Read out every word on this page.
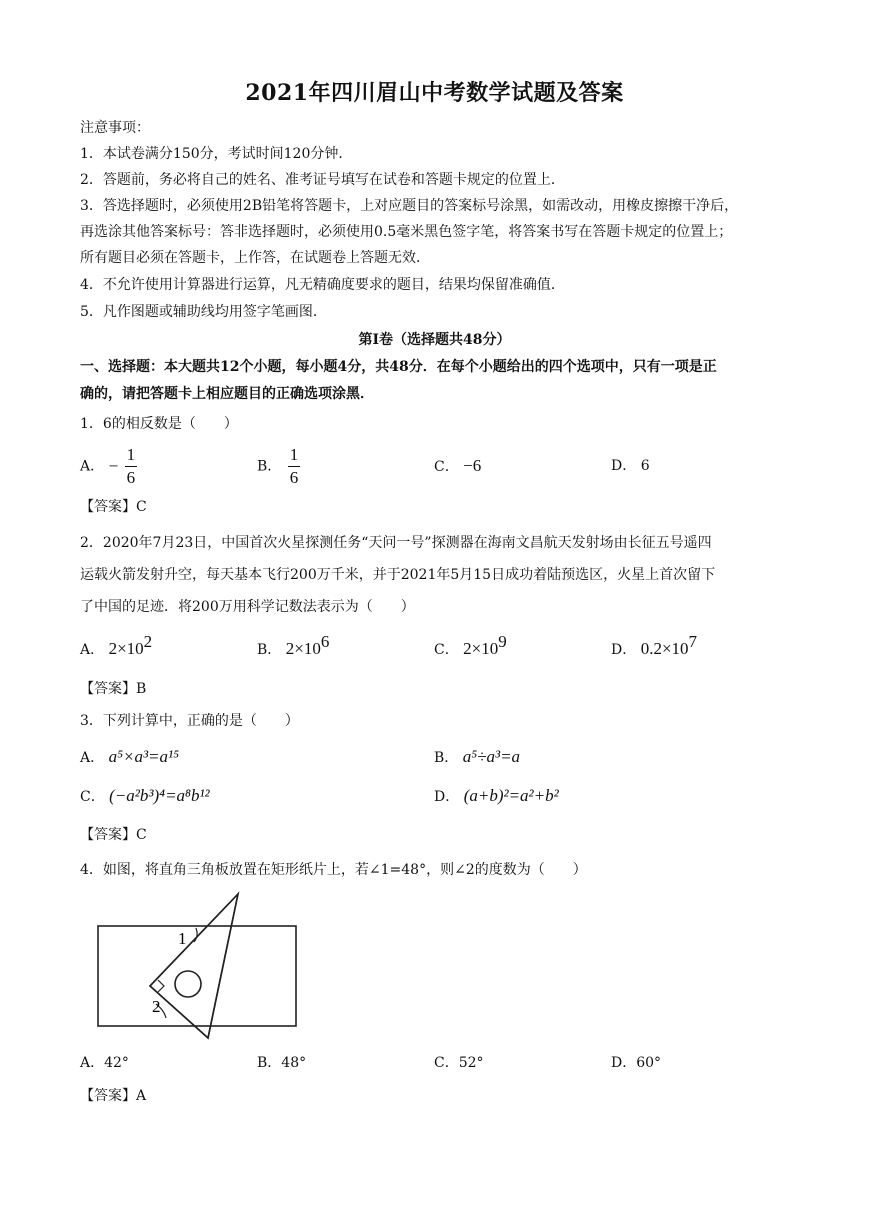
2021年四川眉山中考数学试题及答案
注意事项：
1．本试卷满分150分，考试时间120分钟．
2．答题前，务必将自己的姓名、准考证号填写在试卷和答题卡规定的位置上．
3．答选择题时，必须使用2B铅笔将答题卡，上对应题目的答案标号涂黑，如需改动，用橡皮擦擦干净后，
再选涂其他答案标号：答非选择题时，必须使用0.5毫米黑色签字笔，将答案书写在答题卡规定的位置上；
所有题目必须在答题卡，上作答，在试题卷上答题无效．
4．不允许使用计算器进行运算，凡无精确度要求的题目，结果均保留准确值．
5．凡作图题或辅助线均用签字笔画图．
第Ⅰ卷（选择题共48分）
一、选择题：本大题共12个小题，每小题4分，共48分．在每个小题给出的四个选项中，只有一项是正
确的，请把答题卡上相应题目的正确选项涂黑．
1．6的相反数是（　　）
A． − $\frac{1}{6}$	B． $\frac{1}{6}$	C． −6	D． 6
【答案】C
2．2020年7月23日，中国首次火星探测任务“天问一号”探测器在海南文昌航天发射场由长征五号遥四
运载火箭发射升空，每天基本飞行200万千米，并于2021年5月15日成功着陆预选区，火星上首次留下
了中国的足迹．将200万用科学记数法表示为（　　）
A． $2\times 10^2$	B． $2\times 10^6$	C． $2\times 10^9$	D． $0.2\times 10^7$
【答案】B
3．下列计算中，正确的是（　　）
A． a⁵×a³=a¹⁵	B． a⁵÷a³=a
C． (−a²b³)⁴=a⁸b¹²	D． (a+b)²=a²+b²
【答案】C
4．如图，将直角三角板放置在矩形纸片上，若∠1=48°，则∠2的度数为（　　）
1
2
A．42°	B．48°	C．52°	D．60°
【答案】A
